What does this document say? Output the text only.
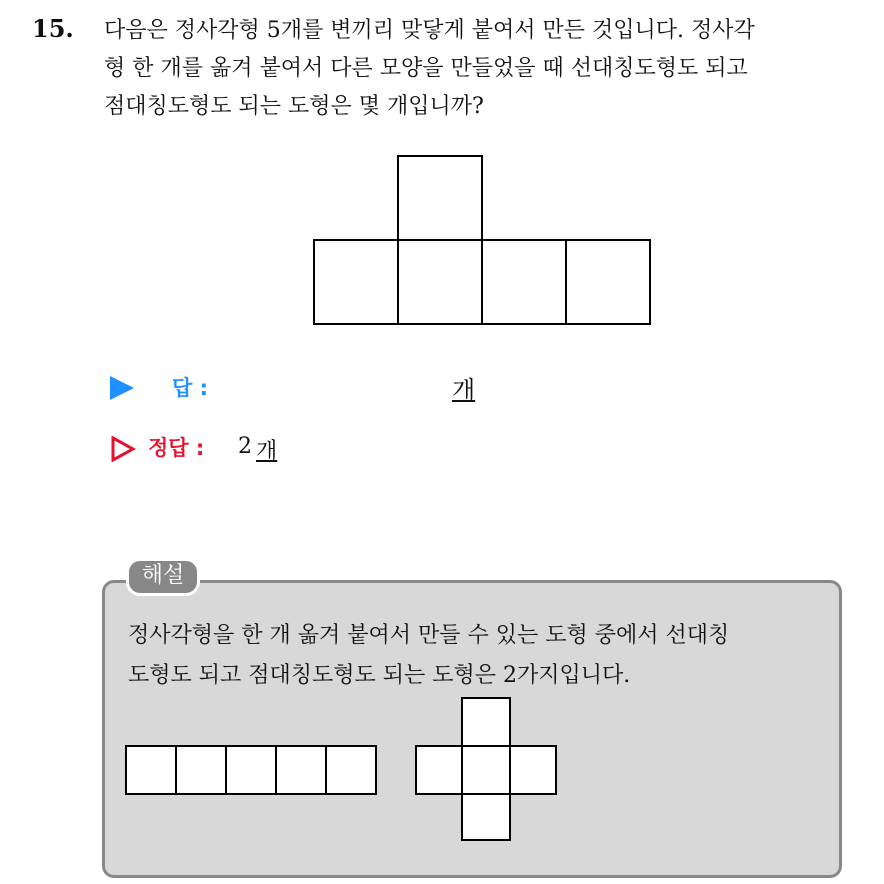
15. 다음은 정사각형 5개를 변끼리 맞닿게 붙여서 만든 것입니다. 정사각
형 한 개를 옮겨 붙여서 다른 모양을 만들었을 때 선대칭도형도 되고
점대칭도형도 되는 도형은 몇 개입니까?
답 :	개
정답 : 2 개
해설
정사각형을 한 개 옮겨 붙여서 만들 수 있는 도형 중에서 선대칭
도형도 되고 점대칭도형도 되는 도형은 2가지입니다.
